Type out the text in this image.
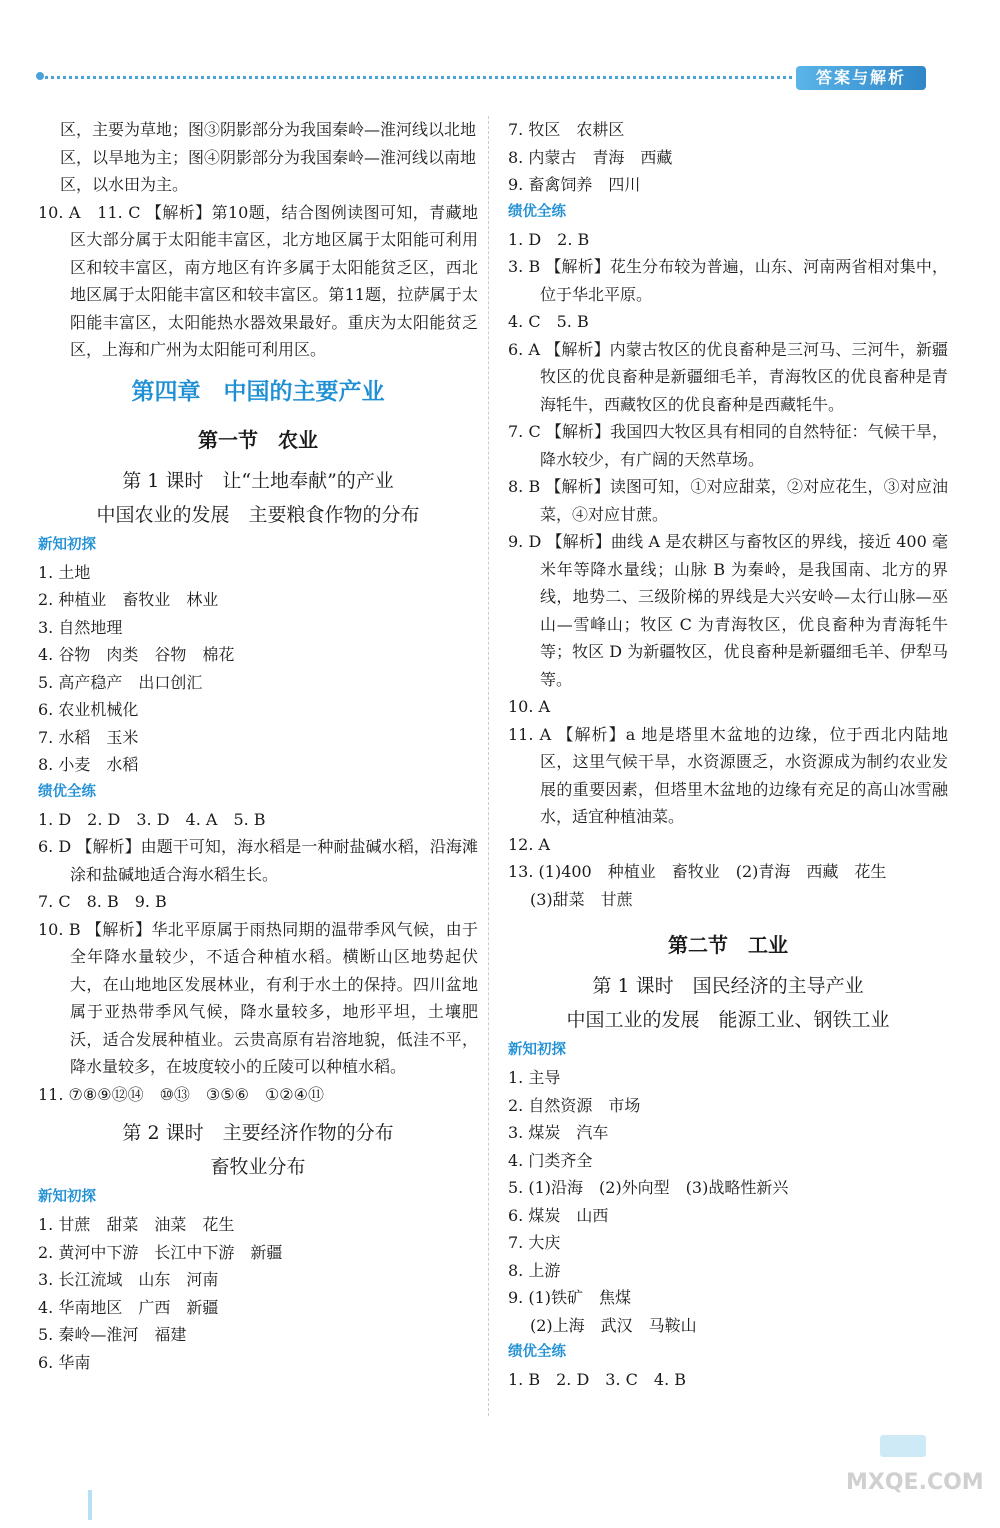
答案与解析

区，主要为草地；图③阴影部分为我国秦岭—淮河线以北地区，以旱地为主；图④阴影部分为我国秦岭—淮河线以南地区，以水田为主。

10. A　11. C 【解析】第10题，结合图例读图可知，青藏地区大部分属于太阳能丰富区，北方地区属于太阳能可利用区和较丰富区，南方地区有许多属于太阳能贫乏区，西北地区属于太阳能丰富区和较丰富区。第11题，拉萨属于太阳能丰富区，太阳能热水器效果最好。重庆为太阳能贫乏区，上海和广州为太阳能可利用区。

第四章　中国的主要产业
第一节　农业
第 1 课时　让“土地奉献”的产业
中国农业的发展　主要粮食作物的分布
新知初探

1. 土地

2. 种植业　畜牧业　林业

3. 自然地理

4. 谷物　肉类　谷物　棉花

5. 高产稳产　出口创汇

6. 农业机械化

7. 水稻　玉米

8. 小麦　水稻

绩优全练

1. D　2. D　3. D　4. A　5. B

6. D 【解析】由题干可知，海水稻是一种耐盐碱水稻，沿海滩涂和盐碱地适合海水稻生长。

7. C　8. B　9. B

10. B 【解析】华北平原属于雨热同期的温带季风气候，由于全年降水量较少，不适合种植水稻。横断山区地势起伏大，在山地地区发展林业，有利于水土的保持。四川盆地属于亚热带季风气候，降水量较多，地形平坦，土壤肥沃，适合发展种植业。云贵高原有岩溶地貌，低洼不平，降水量较多，在坡度较小的丘陵可以种植水稻。

11. ⑦⑧⑨⑫⑭　⑩⑬　③⑤⑥　①②④⑪

第 2 课时　主要经济作物的分布
畜牧业分布
新知初探

1. 甘蔗　甜菜　油菜　花生

2. 黄河中下游　长江中下游　新疆

3. 长江流域　山东　河南

4. 华南地区　广西　新疆

5. 秦岭—淮河　福建

6. 华南

7. 牧区　农耕区

8. 内蒙古　青海　西藏

9. 畜禽饲养　四川

绩优全练

1. D　2. B

3. B 【解析】花生分布较为普遍，山东、河南两省相对集中，位于华北平原。

4. C　5. B

6. A 【解析】内蒙古牧区的优良畜种是三河马、三河牛，新疆牧区的优良畜种是新疆细毛羊，青海牧区的优良畜种是青海牦牛，西藏牧区的优良畜种是西藏牦牛。

7. C 【解析】我国四大牧区具有相同的自然特征：气候干旱，降水较少，有广阔的天然草场。

8. B 【解析】读图可知，①对应甜菜，②对应花生，③对应油菜，④对应甘蔗。

9. D 【解析】曲线 A 是农耕区与畜牧区的界线，接近 400 毫米年等降水量线；山脉 B 为秦岭，是我国南、北方的界线，地势二、三级阶梯的界线是大兴安岭—太行山脉—巫山—雪峰山；牧区 C 为青海牧区，优良畜种为青海牦牛等；牧区 D 为新疆牧区，优良畜种是新疆细毛羊、伊犁马等。

10. A

11. A 【解析】a 地是塔里木盆地的边缘，位于西北内陆地区，这里气候干旱，水资源匮乏，水资源成为制约农业发展的重要因素，但塔里木盆地的边缘有充足的高山冰雪融水，适宜种植油菜。

12. A

13. (1)400　种植业　畜牧业　(2)青海　西藏　花生

(3)甜菜　甘蔗

第二节　工业
第 1 课时　国民经济的主导产业
中国工业的发展　能源工业、钢铁工业
新知初探

1. 主导

2. 自然资源　市场

3. 煤炭　汽车

4. 门类齐全

5. (1)沿海　(2)外向型　(3)战略性新兴

6. 煤炭　山西

7. 大庆

8. 上游

9. (1)铁矿　焦煤

(2)上海　武汉　马鞍山

绩优全练

1. B　2. D　3. C　4. B

MXQE.COM
